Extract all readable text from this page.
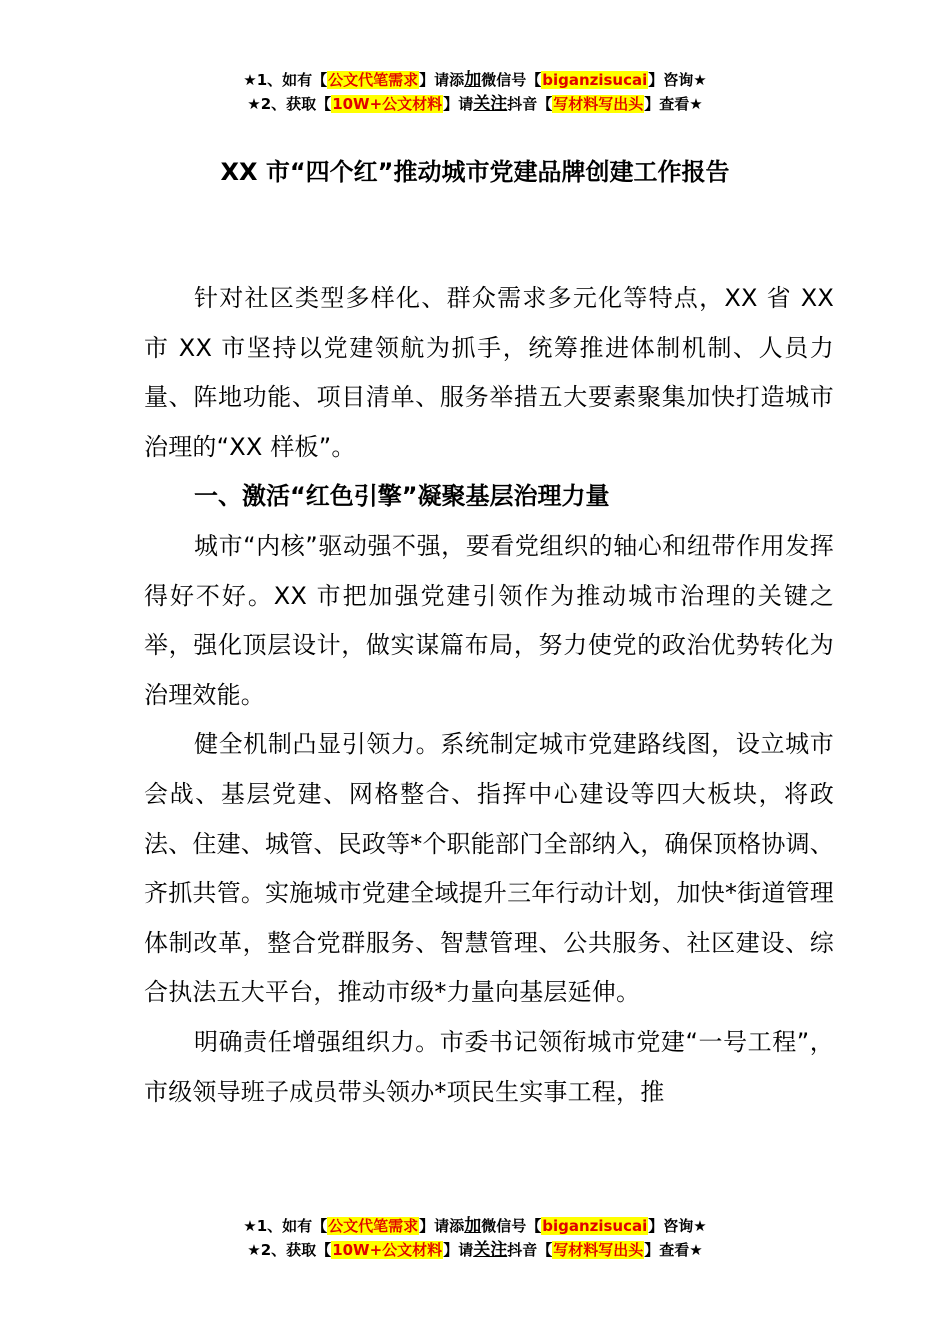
★1、如有【公文代笔需求】请添加微信号【biganzisucai】咨询★
★2、获取【10W+公文材料】请关注抖音【写材料写出头】查看★
XX 市“四个红”推动城市党建品牌创建工作报告

针对社区类型多样化、群众需求多元化等特点，XX 省 XX 市 XX 市坚持以党建领航为抓手，统筹推进体制机制、人员力量、阵地功能、项目清单、服务举措五大要素聚集加快打造城市治理的“XX 样板”。

一、激活“红色引擎”凝聚基层治理力量

城市“内核”驱动强不强，要看党组织的轴心和纽带作用发挥得好不好。XX 市把加强党建引领作为推动城市治理的关键之举，强化顶层设计，做实谋篇布局，努力使党的政治优势转化为治理效能。

健全机制凸显引领力。系统制定城市党建路线图，设立城市会战、基层党建、网格整合、指挥中心建设等四大板块，将政法、住建、城管、民政等*个职能部门全部纳入，确保顶格协调、齐抓共管。实施城市党建全域提升三年行动计划，加快*街道管理体制改革，整合党群服务、智慧管理、公共服务、社区建设、综合执法五大平台，推动市级*力量向基层延伸。

明确责任增强组织力。市委书记领衔城市党建“一号工程”，市级领导班子成员带头领办*项民生实事工程，推

★1、如有【公文代笔需求】请添加微信号【biganzisucai】咨询★
★2、获取【10W+公文材料】请关注抖音【写材料写出头】查看★
